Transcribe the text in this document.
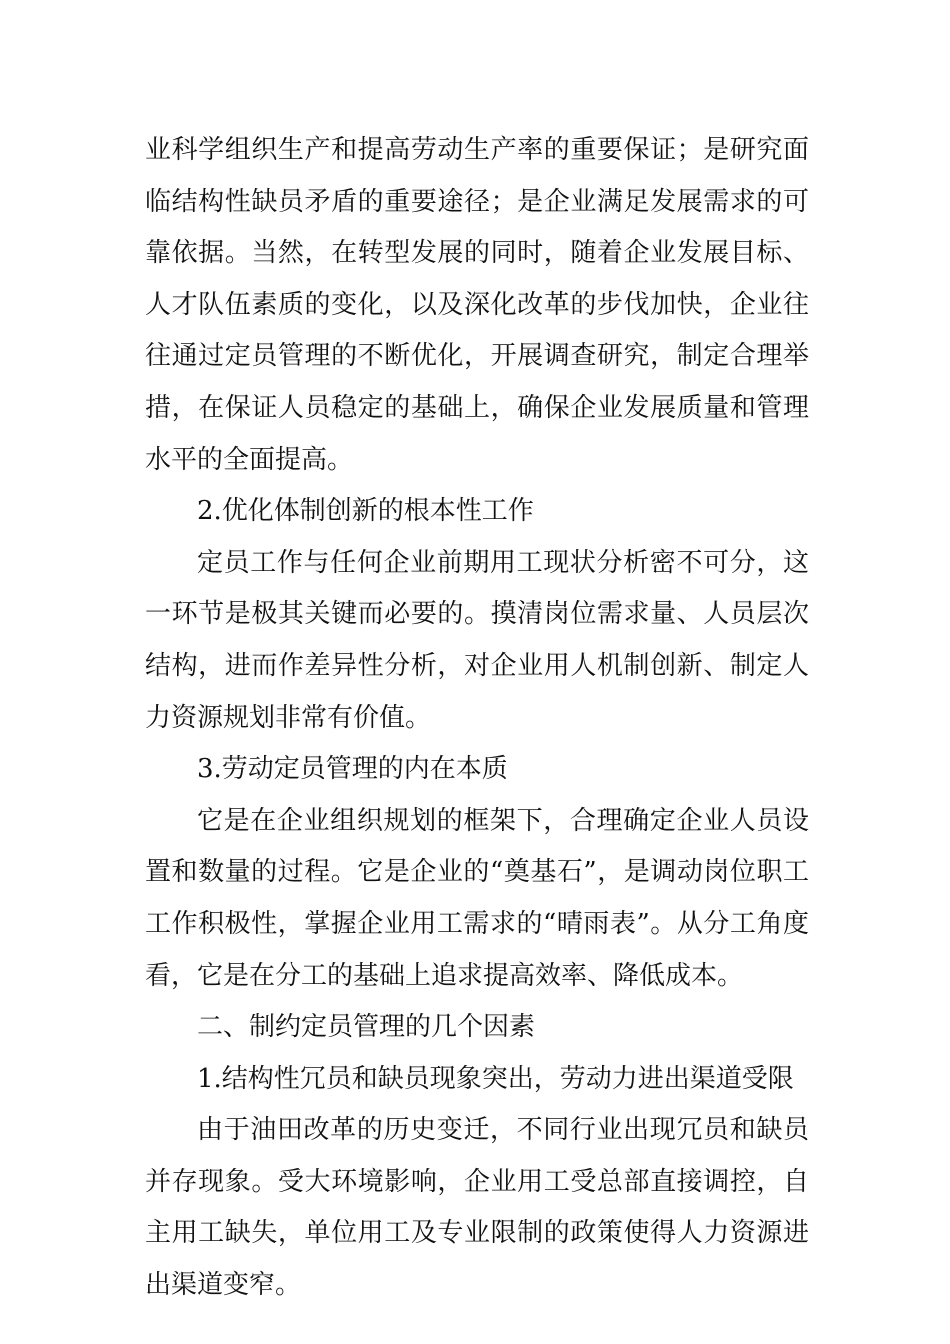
业科学组织生产和提高劳动生产率的重要保证；是研究面临结构性缺员矛盾的重要途径；是企业满足发展需求的可靠依据。当然，在转型发展的同时，随着企业发展目标、人才队伍素质的变化，以及深化改革的步伐加快，企业往往通过定员管理的不断优化，开展调查研究，制定合理举措，在保证人员稳定的基础上，确保企业发展质量和管理水平的全面提高。

2.优化体制创新的根本性工作

定员工作与任何企业前期用工现状分析密不可分，这一环节是极其关键而必要的。摸清岗位需求量、人员层次结构，进而作差异性分析，对企业用人机制创新、制定人力资源规划非常有价值。

3.劳动定员管理的内在本质

它是在企业组织规划的框架下，合理确定企业人员设置和数量的过程。它是企业的“奠基石”，是调动岗位职工工作积极性，掌握企业用工需求的“晴雨表”。从分工角度看，它是在分工的基础上追求提高效率、降低成本。

二、制约定员管理的几个因素

1.结构性冗员和缺员现象突出，劳动力进出渠道受限

由于油田改革的历史变迁，不同行业出现冗员和缺员并存现象。受大环境影响，企业用工受总部直接调控，自主用工缺失，单位用工及专业限制的政策使得人力资源进出渠道变窄。
